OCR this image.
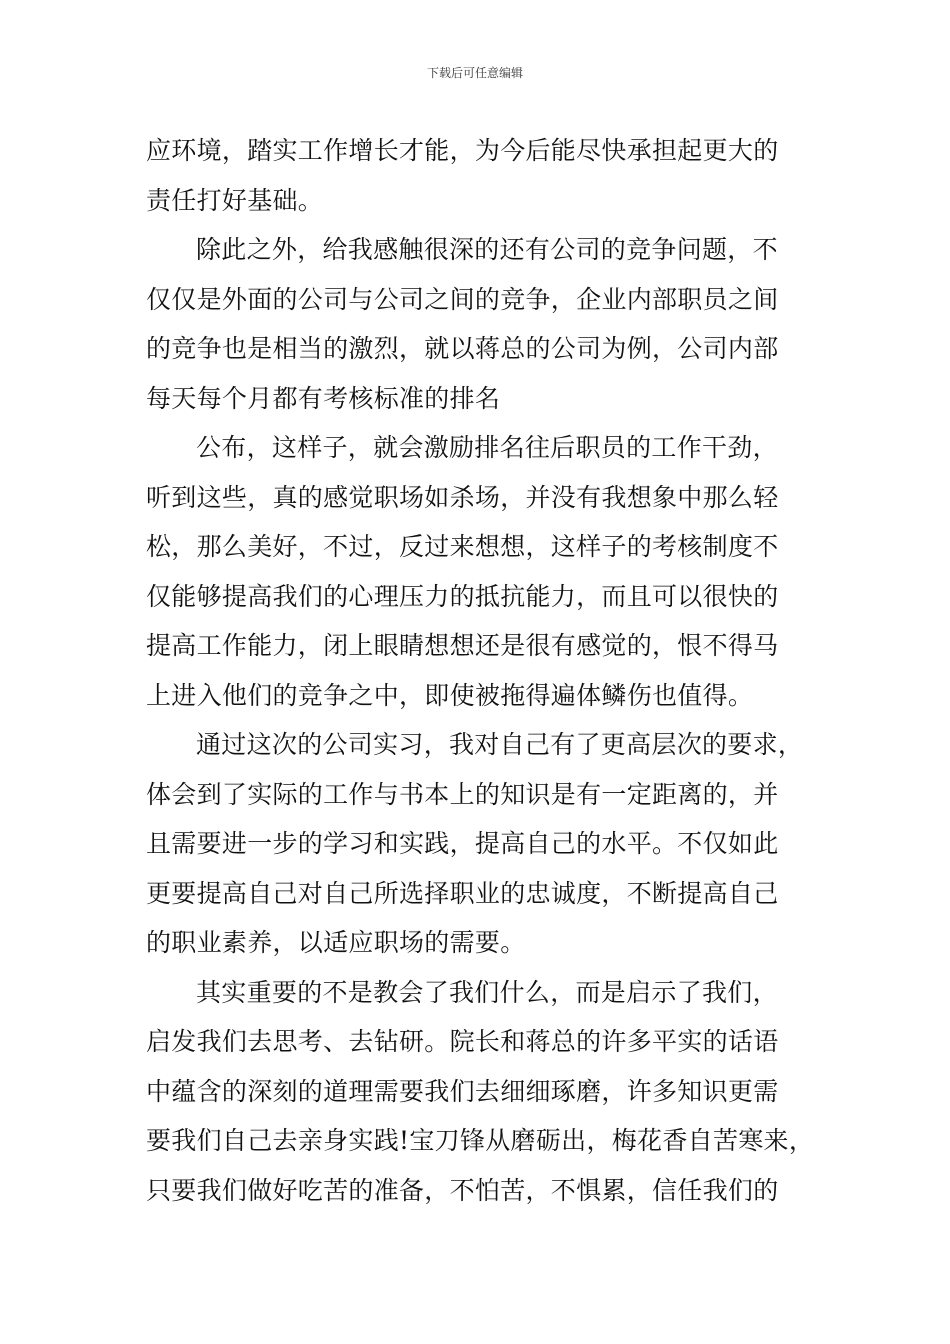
下载后可任意编辑
应环境，踏实工作增长才能，为今后能尽快承担起更大的
责任打好基础。
除此之外，给我感触很深的还有公司的竞争问题，不
仅仅是外面的公司与公司之间的竞争，企业内部职员之间
的竞争也是相当的激烈，就以蒋总的公司为例，公司内部
每天每个月都有考核标准的排名
公布，这样子，就会激励排名往后职员的工作干劲，
听到这些，真的感觉职场如杀场，并没有我想象中那么轻
松，那么美好，不过，反过来想想，这样子的考核制度不
仅能够提高我们的心理压力的抵抗能力，而且可以很快的
提高工作能力，闭上眼睛想想还是很有感觉的，恨不得马
上进入他们的竞争之中，即使被拖得遍体鳞伤也值得。
通过这次的公司实习，我对自己有了更高层次的要求，
体会到了实际的工作与书本上的知识是有一定距离的，并
且需要进一步的学习和实践，提高自己的水平。不仅如此
更要提高自己对自己所选择职业的忠诚度，不断提高自己
的职业素养，以适应职场的需要。
其实重要的不是教会了我们什么，而是启示了我们，
启发我们去思考、去钻研。院长和蒋总的许多平实的话语
中蕴含的深刻的道理需要我们去细细琢磨，许多知识更需
要我们自己去亲身实践!宝刀锋从磨砺出，梅花香自苦寒来，
只要我们做好吃苦的准备，不怕苦，不惧累，信任我们的
